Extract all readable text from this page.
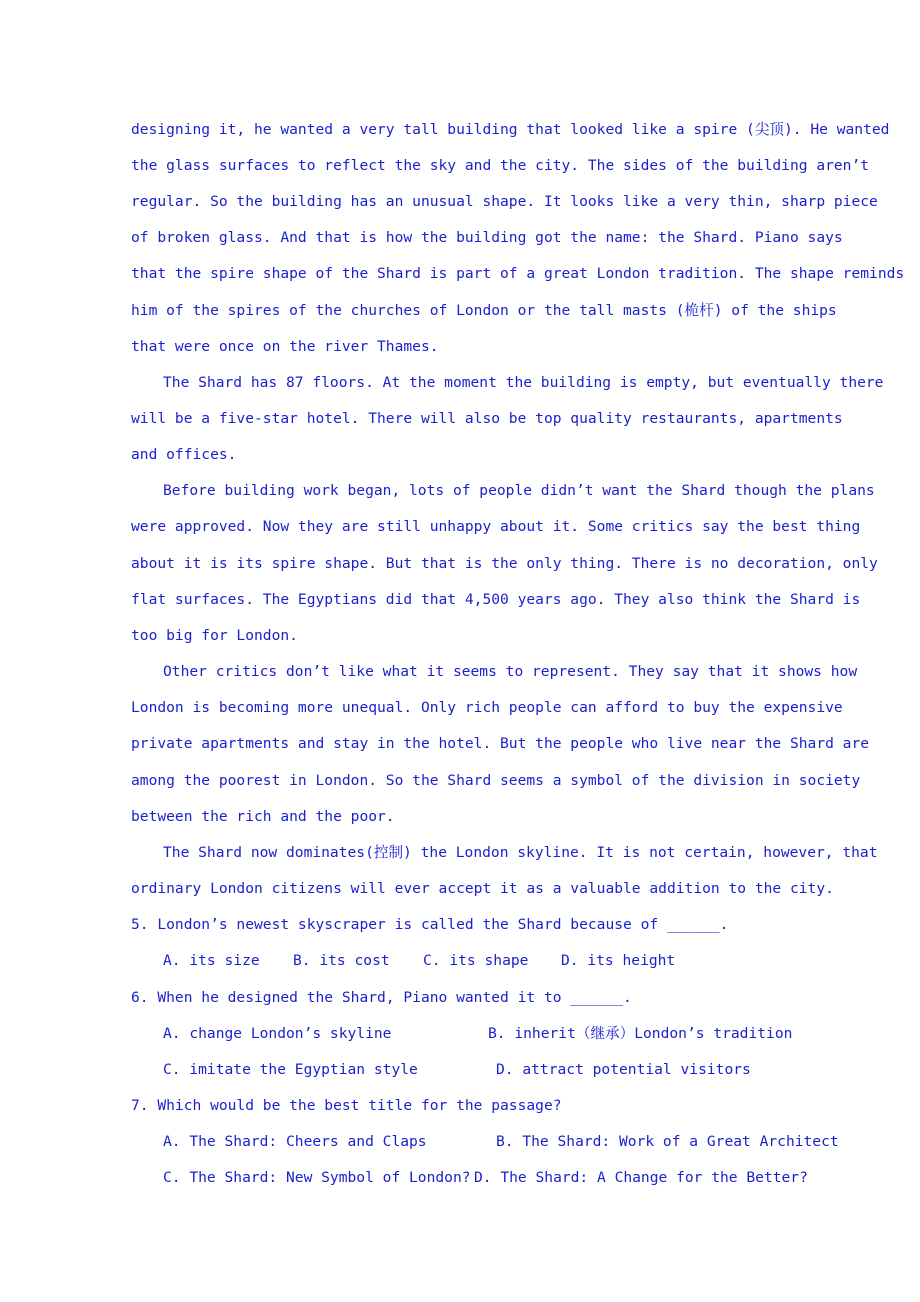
designing it, he wanted a very tall building that looked like a spire (尖顶). He wanted
the glass surfaces to reflect the sky and the city. The sides of the building aren’t
regular. So the building has an unusual shape. It looks like a very thin, sharp piece
of broken glass. And that is how the building got the name: the Shard. Piano says
that the spire shape of the Shard is part of a great London tradition. The shape reminds
him of the spires of the churches of London or the tall masts (桅杆) of the ships
that were once on the river Thames.
The Shard has 87 floors. At the moment the building is empty, but eventually there
will be a five-star hotel. There will also be top quality restaurants, apartments
and offices.
Before building work began, lots of people didn’t want the Shard though the plans
were approved. Now they are still unhappy about it. Some critics say the best thing
about it is its spire shape. But that is the only thing. There is no decoration, only
flat surfaces. The Egyptians did that 4,500 years ago. They also think the Shard is
too big for London.
Other critics don’t like what it seems to represent. They say that it shows how
London is becoming more unequal. Only rich people can afford to buy the expensive
private apartments and stay in the hotel. But the people who live near the Shard are
among the poorest in London. So the Shard seems a symbol of the division in society
between the rich and the poor.
The Shard now dominates(控制) the London skyline. It is not certain, however, that
ordinary London citizens will ever accept it as a valuable addition to the city.
5. London’s newest skyscraper is called the Shard because of ______.
A. its size B. its cost C. its shape D. its height
6. When he designed the Shard, Piano wanted it to ______.
A. change London’s skyline	B. inherit（继承）London’s tradition
C. imitate the Egyptian style	D. attract potential visitors
7. Which would be the best title for the passage?
A. The Shard: Cheers and Claps	B. The Shard: Work of a Great Architect
C. The Shard: New Symbol of London? D. The Shard: A Change for the Better?
